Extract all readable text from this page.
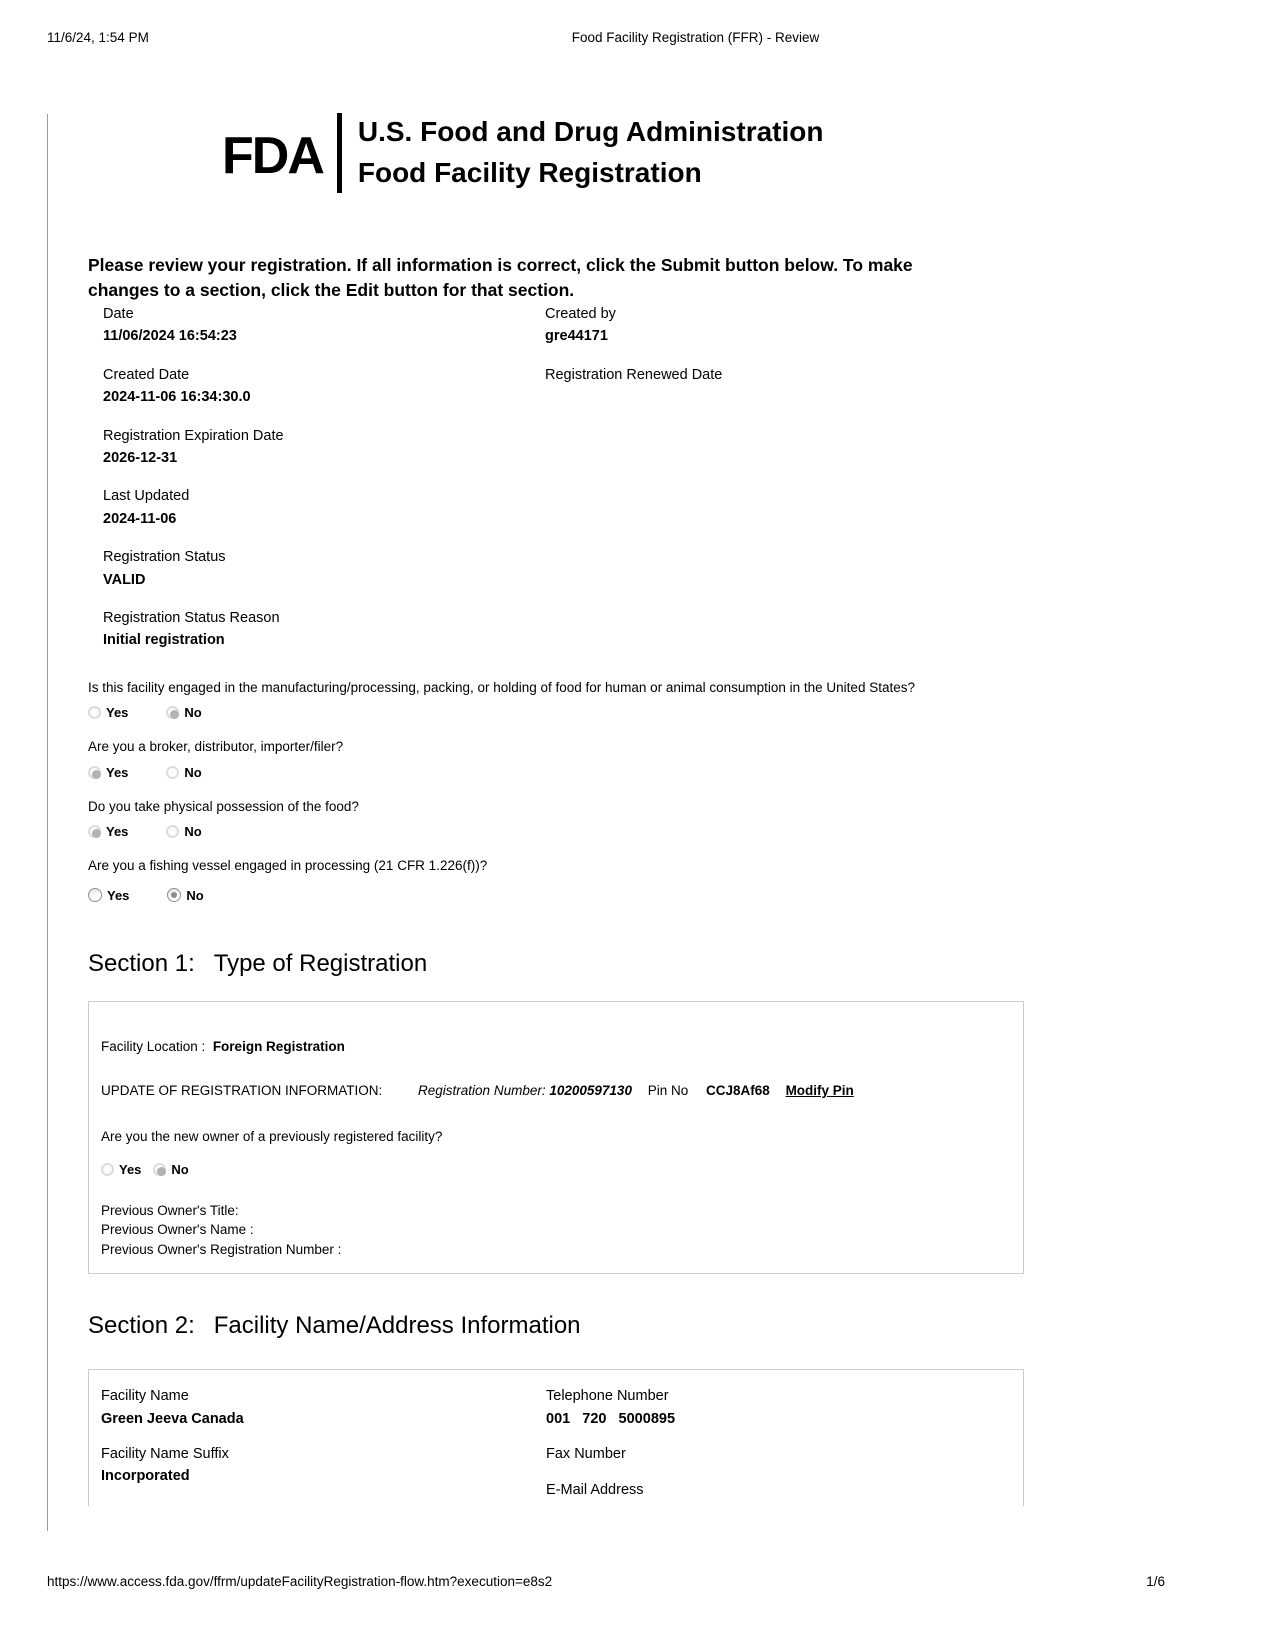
11/6/24, 1:54 PM	Food Facility Registration (FFR) - Review
FDA U.S. Food and Drug Administration
Food Facility Registration
Please review your registration. If all information is correct, click the Submit button below. To make changes to a section, click the Edit button for that section.
Date
11/06/2024 16:54:23
Created by
gre44171
Created Date
2024-11-06 16:34:30.0
Registration Renewed Date
Registration Expiration Date
2026-12-31
Last Updated
2024-11-06
Registration Status
VALID
Registration Status Reason
Initial registration
Is this facility engaged in the manufacturing/processing, packing, or holding of food for human or animal consumption in the United States?
Yes	No
Are you a broker, distributor, importer/filer?
Yes	No
Do you take physical possession of the food?
Yes	No
Are you a fishing vessel engaged in processing (21 CFR 1.226(f))?
Yes	No
Section 1: Type of Registration
Facility Location : Foreign Registration
UPDATE OF REGISTRATION INFORMATION:	Registration Number: 10200597130 Pin No CCJ8Af68 Modify Pin
Are you the new owner of a previously registered facility?
Yes No
Previous Owner's Title:
Previous Owner's Name :
Previous Owner's Registration Number :
Section 2: Facility Name/Address Information
Facility Name
Green Jeeva Canada
Facility Name Suffix
Incorporated
Telephone Number
001   720   5000895
Fax Number
E-Mail Address
https://www.access.fda.gov/ffrm/updateFacilityRegistration-flow.htm?execution=e8s2	1/6
